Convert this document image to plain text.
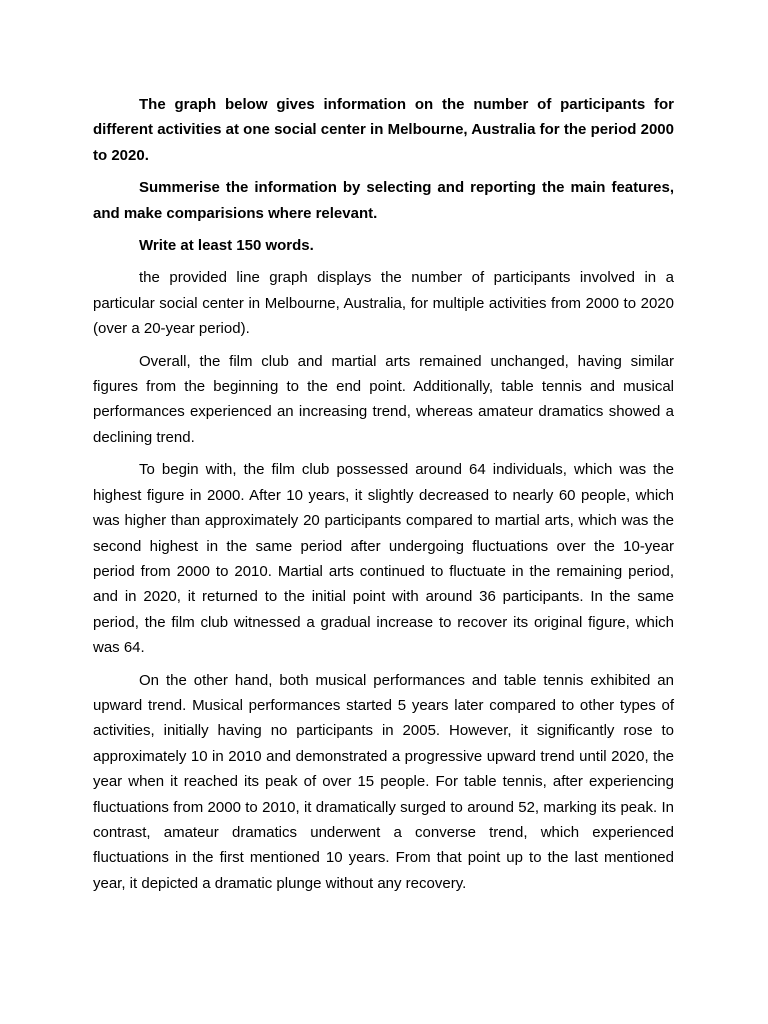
The graph below gives information on the number of participants for different activities at one social center in Melbourne, Australia for the period 2000 to 2020.

Summerise the information by selecting and reporting the main features, and make comparisions where relevant.

Write at least 150 words.

the provided line graph displays the number of participants involved in a particular social center in Melbourne, Australia, for multiple activities from 2000 to 2020 (over a 20-year period).

Overall, the film club and martial arts remained unchanged, having similar figures from the beginning to the end point. Additionally, table tennis and musical performances experienced an increasing trend, whereas amateur dramatics showed a declining trend.

To begin with, the film club possessed around 64 individuals, which was the highest figure in 2000. After 10 years, it slightly decreased to nearly 60 people, which was higher than approximately 20 participants compared to martial arts, which was the second highest in the same period after undergoing fluctuations over the 10-year period from 2000 to 2010. Martial arts continued to fluctuate in the remaining period, and in 2020, it returned to the initial point with around 36 participants. In the same period, the film club witnessed a gradual increase to recover its original figure, which was 64.

On the other hand, both musical performances and table tennis exhibited an upward trend. Musical performances started 5 years later compared to other types of activities, initially having no participants in 2005. However, it significantly rose to approximately 10 in 2010 and demonstrated a progressive upward trend until 2020, the year when it reached its peak of over 15 people. For table tennis, after experiencing fluctuations from 2000 to 2010, it dramatically surged to around 52, marking its peak. In contrast, amateur dramatics underwent a converse trend, which experienced fluctuations in the first mentioned 10 years. From that point up to the last mentioned year, it depicted a dramatic plunge without any recovery.
